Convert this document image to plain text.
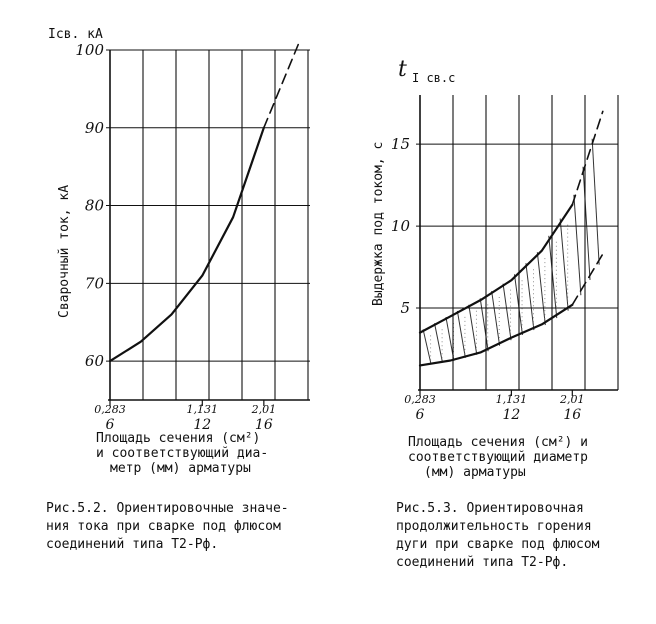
Iсв. кА
Сварочный ток, кА
60
70
80
90
100
0,283
6
1,131
12
2,01
16
Площадь сечения (см²)
и соответствующий диа-
метр (мм) арматуры
t I св.с
Выдержка под током, с
5
10
15
0,283
6
1,131
12
2,01
16
Площадь сечения (см²) и
соответствующий диаметр
(мм) арматуры
Рис.5.2. Ориентировочные значе-
ния тока при сварке под флюсом
соединений типа Т2-Рф.
Рис.5.3. Ориентировочная
продолжительность горения
дуги при сварке под флюсом
соединений типа Т2-Рф.
